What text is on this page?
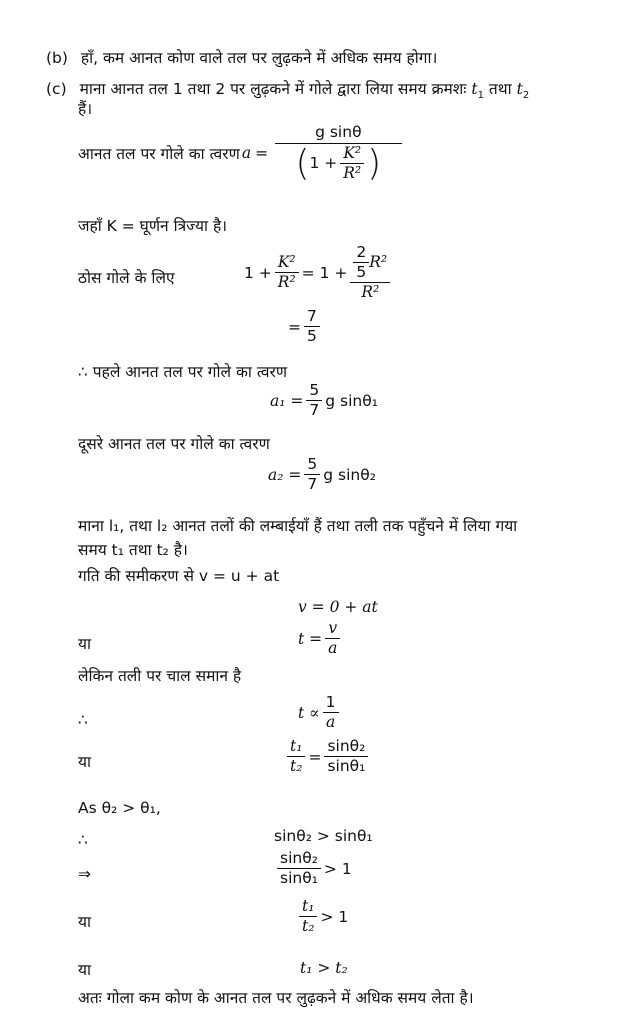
(b) हाँ, कम आनत कोण वाले तल पर लुढ़कने में अधिक समय होगा।
(c) माना आनत तल 1 तथा 2 पर लुढ़कने में गोले द्वारा लिया समय क्रमशः $t_1$ तथा $t_2$
हैं।
आनत तल पर गोले का त्वरण $a = \frac{\text{g sinθ}}{( 1 + \frac{\text{K²}}{\text{R²}} )}$
जहाँ K = घूर्णन त्रिज्या है।
ठोस गोले के लिए	$1 + \frac{\text{K²}}{\text{R²}} = 1 + \frac{\frac{2}{5} R^2}{\text{R²}}$
= $\frac{7}{5}$
∴ पहले आनत तल पर गोले का त्वरण
$a_1 = \frac{5}{7}$ g sinθ₁
दूसरे आनत तल पर गोले का त्वरण
$a_2 = \frac{5}{7}$ g sinθ₂
माना l₁, तथा l₂ आनत तलों की लम्बाईयाँ हैं तथा तली तक पहुँचने में लिया गया
समय t₁ तथा t₂ है।
गति की समीकरण से v = u + at
v = 0 + at
या	$t = \frac{v}{a}$
लेकिन तली पर चाल समान है
∴	$t \propto \frac{1}{a}$
या	$\frac{\text{t₁}}{\text{t₂}} = \frac{\text{sinθ₂}}{\text{sinθ₁}}$
As θ₂ > θ₁,
∴	sinθ₂ > sinθ₁
⇒	$\frac{\text{sinθ₂}}{\text{sinθ₁}} > 1$
या	$\frac{\text{t₁}}{\text{t₂}} > 1$
या	t₁ > t₂
अतः गोला कम कोण के आनत तल पर लुढ़कने में अधिक समय लेता है।
